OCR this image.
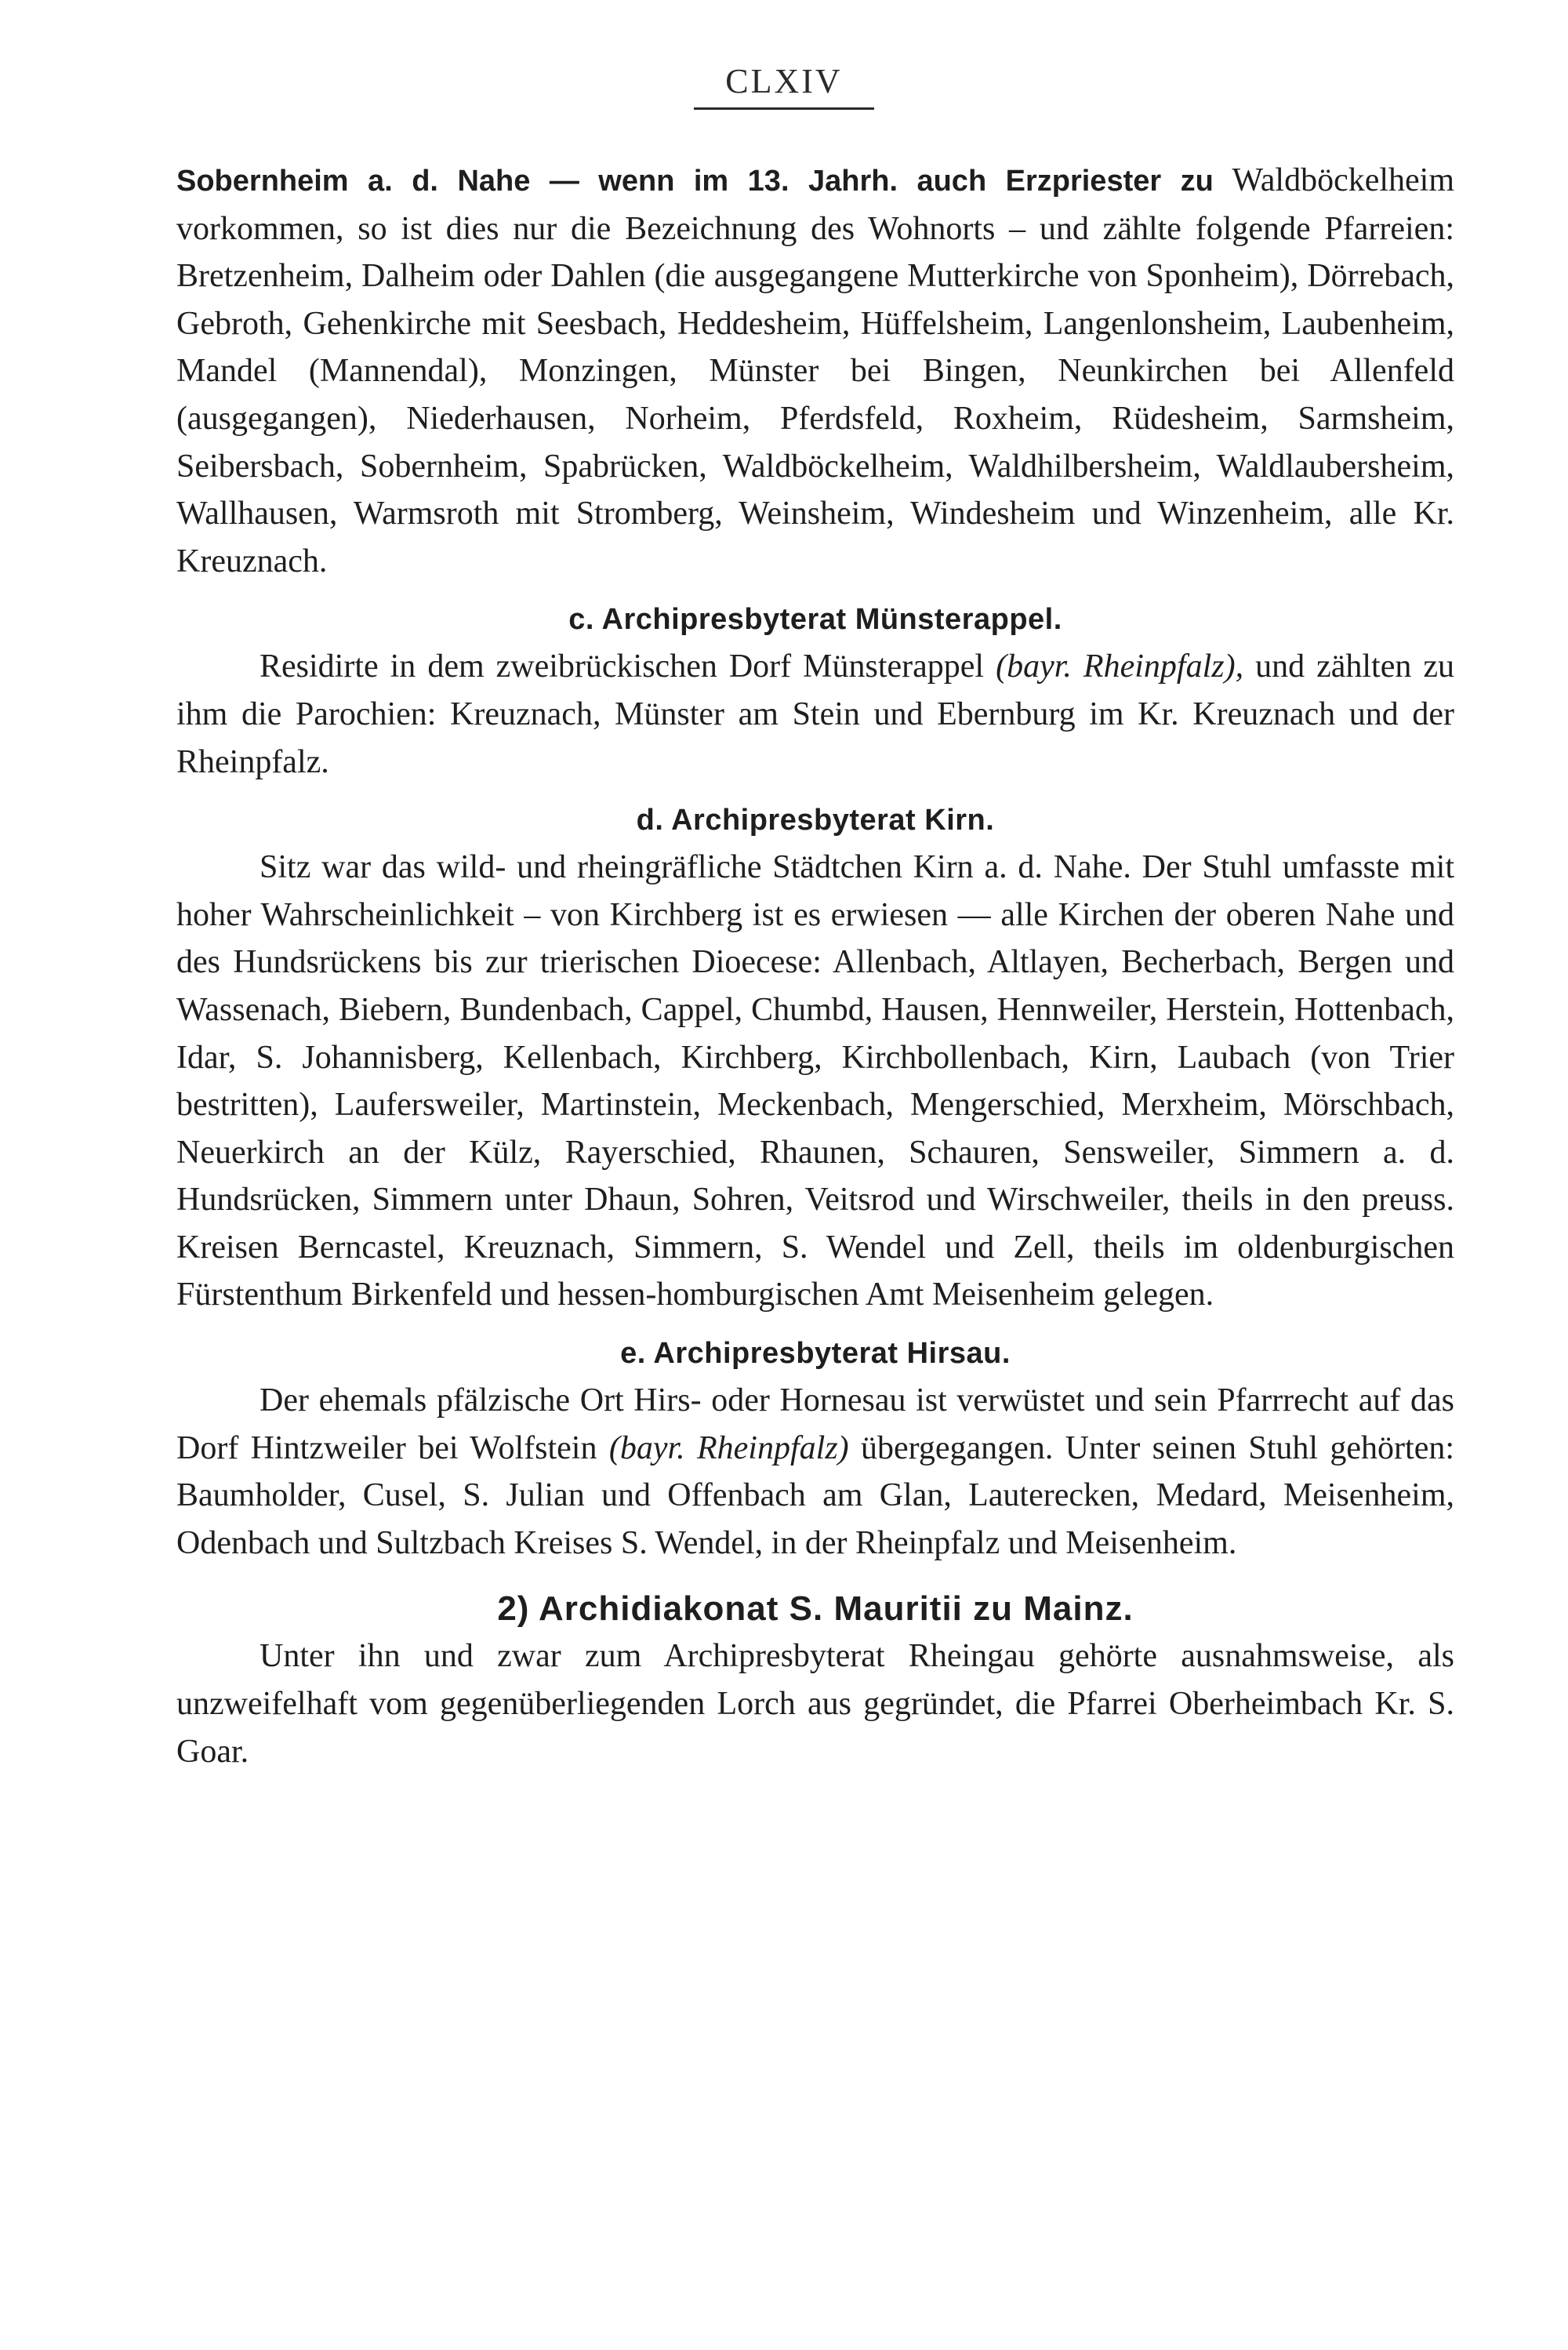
CLXIV

Sobernheim a. d. Nahe — wenn im 13. Jahrh. auch Erzpriester zu Waldböckelheim vorkommen, so ist dies nur die Bezeichnung des Wohnorts – und zählte folgende Pfarreien: Bretzenheim, Dalheim oder Dahlen (die ausgegangene Mutterkirche von Sponheim), Dörrebach, Gebroth, Gehenkirche mit Seesbach, Heddesheim, Hüffelsheim, Langenlonsheim, Laubenheim, Mandel (Mannendal), Monzingen, Münster bei Bingen, Neunkirchen bei Allenfeld (ausgegangen), Niederhausen, Norheim, Pferdsfeld, Roxheim, Rüdesheim, Sarmsheim, Seibersbach, Sobernheim, Spabrücken, Waldböckelheim, Waldhilbersheim, Waldlaubersheim, Wallhausen, Warmsroth mit Stromberg, Weinsheim, Windesheim und Winzenheim, alle Kr. Kreuznach.

c. Archipresbyterat Münsterappel.

Residirte in dem zweibrückischen Dorf Münsterappel (bayr. Rheinpfalz), und zählten zu ihm die Parochien: Kreuznach, Münster am Stein und Ebernburg im Kr. Kreuznach und der Rheinpfalz.

d. Archipresbyterat Kirn.

Sitz war das wild- und rheingräfliche Städtchen Kirn a. d. Nahe. Der Stuhl umfasste mit hoher Wahrscheinlichkeit – von Kirchberg ist es erwiesen — alle Kirchen der oberen Nahe und des Hundsrückens bis zur trierischen Dioecese: Allenbach, Altlayen, Becherbach, Bergen und Wassenach, Biebern, Bundenbach, Cappel, Chumbd, Hausen, Hennweiler, Herstein, Hottenbach, Idar, S. Johannisberg, Kellenbach, Kirchberg, Kirchbollenbach, Kirn, Laubach (von Trier bestritten), Laufersweiler, Martinstein, Meckenbach, Mengerschied, Merxheim, Mörschbach, Neuerkirch an der Külz, Rayerschied, Rhaunen, Schauren, Sensweiler, Simmern a. d. Hundsrücken, Simmern unter Dhaun, Sohren, Veitsrod und Wirschweiler, theils in den preuss. Kreisen Berncastel, Kreuznach, Simmern, S. Wendel und Zell, theils im oldenburgischen Fürstenthum Birkenfeld und hessen-homburgischen Amt Meisenheim gelegen.

e. Archipresbyterat Hirsau.

Der ehemals pfälzische Ort Hirs- oder Hornesau ist verwüstet und sein Pfarrrecht auf das Dorf Hintzweiler bei Wolfstein (bayr. Rheinpfalz) übergegangen. Unter seinen Stuhl gehörten: Baumholder, Cusel, S. Julian und Offenbach am Glan, Lauterecken, Medard, Meisenheim, Odenbach und Sultzbach Kreises S. Wendel, in der Rheinpfalz und Meisenheim.

2) Archidiakonat S. Mauritii zu Mainz.

Unter ihn und zwar zum Archipresbyterat Rheingau gehörte ausnahmsweise, als unzweifelhaft vom gegenüberliegenden Lorch aus gegründet, die Pfarrei Oberheimbach Kr. S. Goar.
